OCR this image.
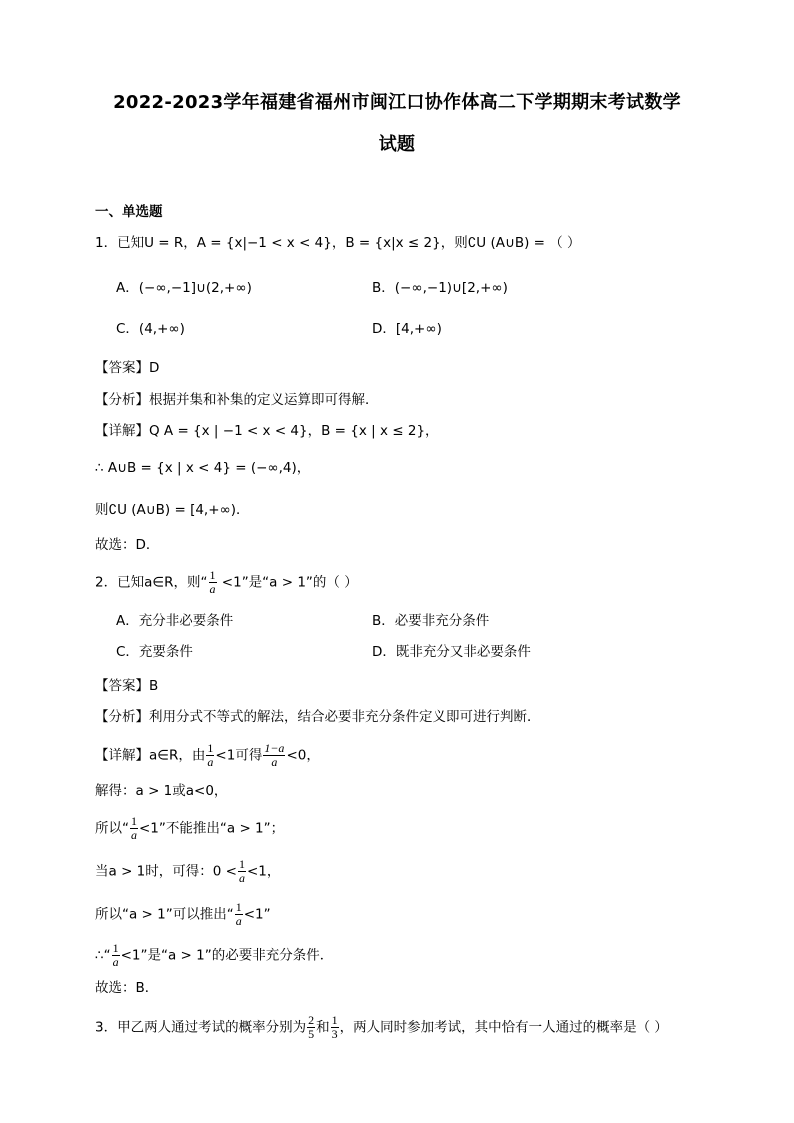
2022-2023学年福建省福州市闽江口协作体高二下学期期末考试数学
试题
一、单选题
1．已知U = R，A = {x|−1 < x < 4}，B = {x|x ≤ 2}，则∁U (A∪B) = （ ）
A．(−∞,−1]∪(2,+∞)	B．(−∞,−1)∪[2,+∞)
C．(4,+∞)	D．[4,+∞)
【答案】D
【分析】根据并集和补集的定义运算即可得解．
【详解】Q A = {x | −1 < x < 4}，B = {x | x ≤ 2}，
∴ A∪B = {x | x < 4} = (−∞,4)，
则∁U (A∪B) = [4,+∞)．
故选：D．
2．已知a∈R，则“ $\frac{1}{a} <1$”是“a > 1”的（ ）
A．充分非必要条件	B．必要非充分条件
C．充要条件	D．既非充分又非必要条件
【答案】B
【分析】利用分式不等式的解法，结合必要非充分条件定义即可进行判断．
【详解】a∈R，由 $\frac{1}{a} <1$可得 $\frac{1-a}{a} <0$，
解得：a > 1或a<0，
所以“ $\frac{1}{a} <1$”不能推出“a > 1”；
当a > 1时，可得：$0 < \frac{1}{a} <1$，
所以“a > 1”可以推出“ $\frac{1}{a} <1$”
∴“ $\frac{1}{a} <1$”是“a > 1”的必要非充分条件．
故选：B．
3．甲乙两人通过考试的概率分别为 $\frac{2}{5}$ 和 $\frac{1}{3}$ ，两人同时参加考试，其中恰有一人通过的概率是（ ）
